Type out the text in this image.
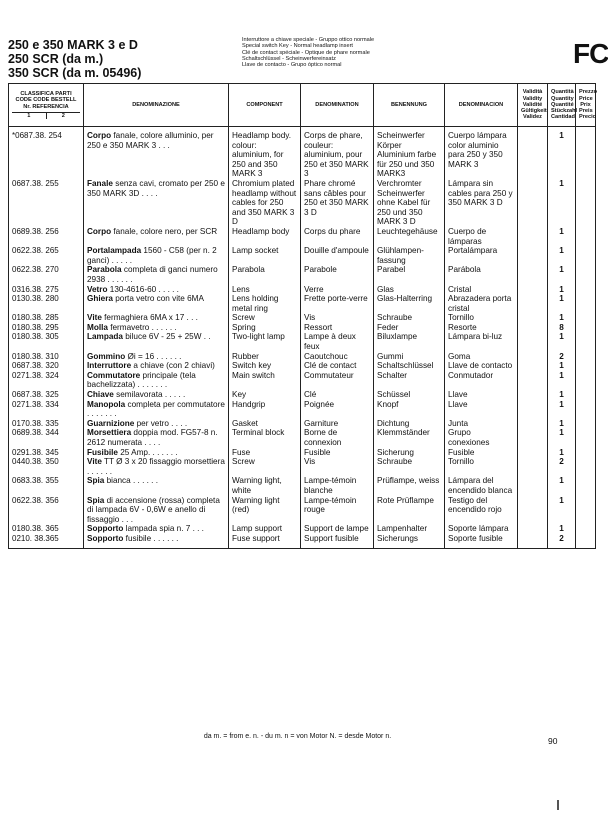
250 e 350 MARK 3 e D
250 SCR (da m.)
350 SCR (da m. 05496)
Interruttore a chiave speciale - Gruppo ottico normale
Special switch Key - Normal headlamp insert
Clé de contact spéciale - Optique de phare normale
Schaltschlüssel - Scheinwerfereinsatz
Llave de contacto - Grupo óptico normal	FC
CLASSIFICA PARTI CODE CODE BESTELL Nr. REFERENCIA
1 2	DENOMINAZIONE	COMPONENT	DENOMINATION	BENENNUNG	DENOMINACION	Validità Validity Validité Gültigkeit Validez	Quantità Quantity Quantité Stückzahl Cantidad	Prezzo Price Prix Preis Precio
*0687.38. 254	Corpo fanale, colore alluminio, per 250 e 350 MARK 3 . . .	Headlamp body. colour: aluminium, for 250 and 350 MARK 3	Corps de phare, couleur: aluminium, pour 250 et 350 MARK 3	Scheinwerfer Körper Aluminium farbe für 250 und 350 MARK3	Cuerpo lámpara color aluminio para 250 y 350 MARK 3		1	
0687.38. 255	Fanale senza cavi, cromato per 250 e 350 MARK 3D . . . .	Chromium plated headlamp without cables for 250 and 350 MARK 3 D	Phare chromé sans câbles pour 250 et 350 MARK 3 D	Verchromter Scheinwerfer ohne Kabel für 250 und 350 MARK 3 D	Lámpara sin cables para 250 y 350 MARK 3 D		1	
0689.38. 256	Corpo fanale, colore nero, per SCR	Headlamp body	Corps du phare	Leuchtegehäuse	Cuerpo de lámparas		1	
0622.38. 265	Portalampada 1560 - C58 (per n. 2 ganci) . . . . .	Lamp socket	Douille d'ampoule	Glühlampen-fassung	Portalámpara		1	
0622.38. 270	Parabola completa di ganci numero 2938 . . . . . .	Parabola	Parabole	Parabel	Parábola		1	
0316.38. 275	Vetro 130-4616-60 . . . . .	Lens	Verre	Glas	Cristal		1	
0130.38. 280	Ghiera porta vetro con vite 6MA	Lens holding metal ring	Frette porte-verre	Glas-Halterring	Abrazadera porta cristal		1	
0180.38. 285	Vite fermaghiera 6MA x 17 . . .	Screw	Vis	Schraube	Tornillo		1	
0180.38. 295	Molla fermavetro . . . . . .	Spring	Ressort	Feder	Resorte		8	
0180.38. 305	Lampada biluce 6V - 25 + 25W . .	Two-light lamp	Lampe à deux feux	Biluxlampe	Lámpara bi-luz		1	
0180.38. 310	Gommino Øi = 16 . . . . . .	Rubber	Caoutchouc	Gummi	Goma		2	
0687.38. 320	Interruttore a chiave (con 2 chiavi)	Switch key	Clé de contact	Schaltschlüssel	Llave de contacto		1	
0271.38. 324	Commutatore principale (tela bachelizzata) . . . . . . .	Main switch	Commutateur	Schalter	Conmutador		1	
0687.38. 325	Chiave semilavorata . . . . .	Key	Clé	Schüssel	Llave		1	
0271.38. 334	Manopola completa per commutatore . . . . . . .	Handgrip	Poignée	Knopf	Llave		1	
0170.38. 335	Guarnizione per vetro . . . .	Gasket	Garniture	Dichtung	Junta		1	
0689.38. 344	Morsettiera doppia mod. FG57-8 n. 2612 numerata . . . .	Terminal block	Borne de connexion	Klemmständer	Grupo conexiones		1	
0291.38. 345	Fusibile 25 Amp. . . . . . .	Fuse	Fusible	Sicherung	Fusible		1	
0440.38. 350	Vite TT Ø 3 x 20 fissaggio morsettiera . . . . . .	Screw	Vis	Schraube	Tornillo		2	
0683.38. 355	Spia bianca . . . . . .	Warning light, white	Lampe-témoin blanche	Prüflampe, weiss	Lámpara del encendido blanca		1	
0622.38. 356	Spia di accensione (rossa) completa di lampada 6V - 0,6W e anello di fissaggio . . .	Warning light (red)	Lampe-témoin rouge	Rote Prüflampe	Testigo del encendido rojo		1	
0180.38. 365	Sopporto lampada spia n. 7 . . .	Lamp support	Support de lampe	Lampenhalter	Soporte lámpara		1	
0210. 38.365	Sopporto fusibile . . . . . .	Fuse support	Support fusible	Sicherungs	Soporte fusible		2	
da m. = from e. n. - du m. n = von Motor N. = desde Motor n.	90
